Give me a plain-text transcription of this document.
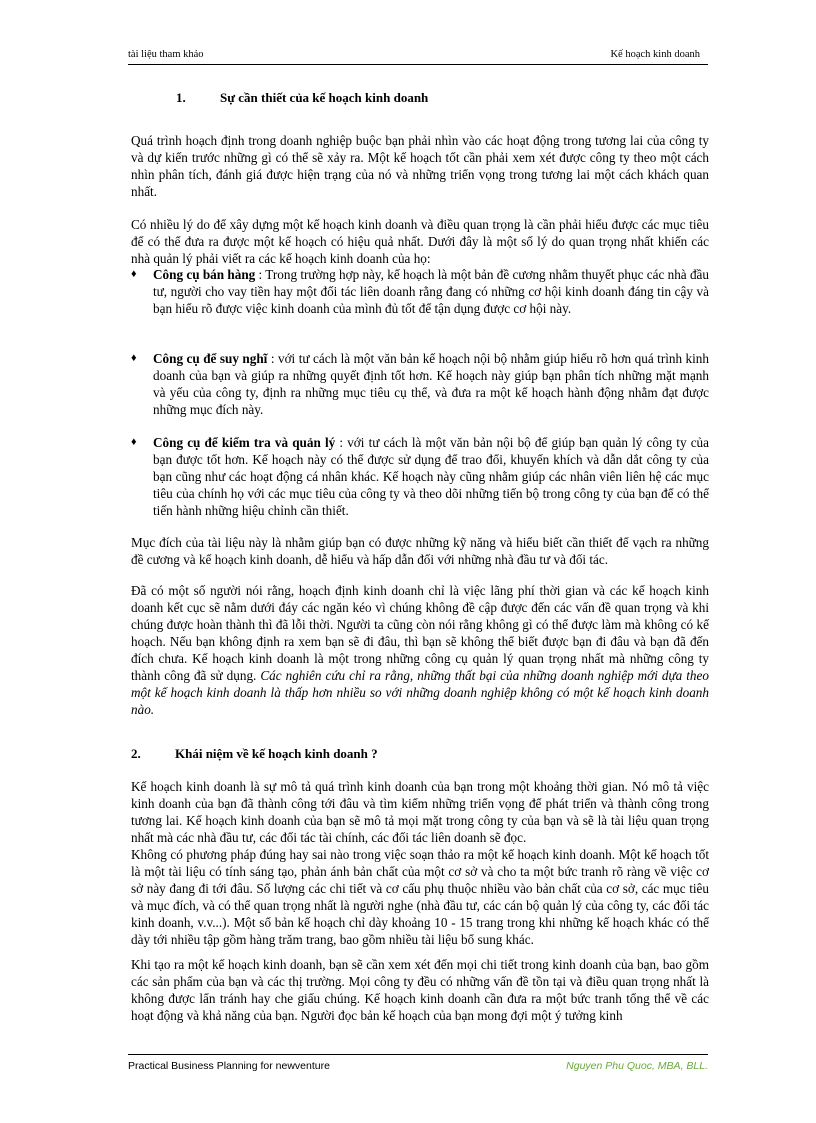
tài liệu tham khảo	Kế hoạch kinh doanh
1.	Sự cần thiết của kế hoạch kinh doanh

Quá trình hoạch định trong doanh nghiệp buộc bạn phải nhìn vào các hoạt động trong tương lai của công ty và dự kiến trước những gì có thể sẽ xảy ra. Một kế hoạch tốt cần phải xem xét được công ty theo một cách nhìn phân tích, đánh giá được hiện trạng của nó và những triển vọng trong tương lai một cách khách quan nhất.

Có nhiều lý do để xây dựng một kế hoạch kinh doanh và điều quan trọng là cần phải hiểu được các mục tiêu để có thể đưa ra được một kế hoạch có hiệu quả nhất. Dưới đây là một số lý do quan trọng nhất khiến các nhà quản lý phải viết ra các kế hoạch kinh doanh của họ:

♦ Công cụ bán hàng : Trong trường hợp này, kế hoạch là một bản đề cương nhằm thuyết phục các nhà đầu tư, người cho vay tiền hay một đối tác liên doanh rằng đang có những cơ hội kinh doanh đáng tin cậy và bạn hiểu rõ được việc kinh doanh của mình đủ tốt để tận dụng được cơ hội này.
♦ Công cụ để suy nghĩ : với tư cách là một văn bản kế hoạch nội bộ nhằm giúp hiểu rõ hơn quá trình kinh doanh của bạn và giúp ra những quyết định tốt hơn. Kế hoạch này giúp bạn phân tích những mặt mạnh và yếu của công ty, định ra những mục tiêu cụ thể, và đưa ra một kế hoạch hành động nhằm đạt được những mục đích này.
♦ Công cụ để kiểm tra và quản lý : với tư cách là một văn bản nội bộ để giúp bạn quản lý công ty của bạn được tốt hơn. Kế hoạch này có thể được sử dụng để trao đổi, khuyến khích và dẫn dắt công ty của bạn cũng như các hoạt động cá nhân khác. Kế hoạch này cũng nhằm giúp các nhân viên liên hệ các mục tiêu của chính họ với các mục tiêu của công ty và theo dõi những tiến bộ trong công ty của bạn để có thể tiến hành những hiệu chỉnh cần thiết.

Mục đích của tài liệu này là nhằm giúp bạn có được những kỹ năng và hiểu biết cần thiết để vạch ra những đề cương và kế hoạch kinh doanh, dễ hiểu và hấp dẫn đối với những nhà đầu tư và đối tác.

Đã có một số người nói rằng, hoạch định kinh doanh chỉ là việc lãng phí thời gian và các kế hoạch kinh doanh kết cục sẽ nằm dưới đáy các ngăn kéo vì chúng không đề cập được đến các vấn đề quan trọng và khi chúng được hoàn thành thì đã lỗi thời. Người ta cũng còn nói rằng không gì có thể được làm mà không có kế hoạch. Nếu bạn không định ra xem bạn sẽ đi đâu, thì bạn sẽ không thể biết được bạn đi đâu và bạn đã đến đích chưa. Kế hoạch kinh doanh là một trong những công cụ quản lý quan trọng nhất mà những công ty thành công đã sử dụng. Các nghiên cứu chỉ ra rằng, những thất bại của những doanh nghiệp mới dựa theo một kế hoạch kinh doanh là thấp hơn nhiều so với những doanh nghiệp không có một kế hoạch kinh doanh nào.

2.	Khái niệm về kế hoạch kinh doanh ?

Kế hoạch kinh doanh là sự mô tả quá trình kinh doanh của bạn trong một khoảng thời gian. Nó mô tả việc kinh doanh của bạn đã thành công tới đâu và tìm kiếm những triển vọng để phát triển và thành công trong tương lai. Kế hoạch kinh doanh của bạn sẽ mô tả mọi mặt trong công ty của bạn và sẽ là tài liệu quan trọng nhất mà các nhà đầu tư, các đối tác tài chính, các đối tác liên doanh sẽ đọc.

Không có phương pháp đúng hay sai nào trong việc soạn thảo ra một kế hoạch kinh doanh. Một kế hoạch tốt là một tài liệu có tính sáng tạo, phản ánh bản chất của một cơ sở và cho ta một bức tranh rõ ràng về việc cơ sở này đang đi tới đâu. Số lượng các chi tiết và cơ cấu phụ thuộc nhiều vào bản chất của cơ sở, các mục tiêu và mục đích, và có thể quan trọng nhất là người nghe (nhà đầu tư, các cán bộ quản lý của công ty, các đối tác kinh doanh, v.v...). Một số bản kế hoạch chỉ dày khoảng 10 - 15 trang trong khi những kế hoạch khác có thể dày tới nhiều tập gồm hàng trăm trang, bao gồm nhiều tài liệu bổ sung khác.

Khi tạo ra một kế hoạch kinh doanh, bạn sẽ cần xem xét đến mọi chi tiết trong kinh doanh của bạn, bao gồm các sản phẩm của bạn và các thị trường. Mọi công ty đều có những vấn đề tồn tại và điều quan trọng nhất là không được lẩn tránh hay che giấu chúng. Kế hoạch kinh doanh cần đưa ra một bức tranh tổng thể về các hoạt động và khả năng của bạn. Người đọc bản kế hoạch của bạn mong đợi một ý tưởng kinh

Practical Business Planning for newventure	Nguyen Phu Quoc, MBA, BLL.
